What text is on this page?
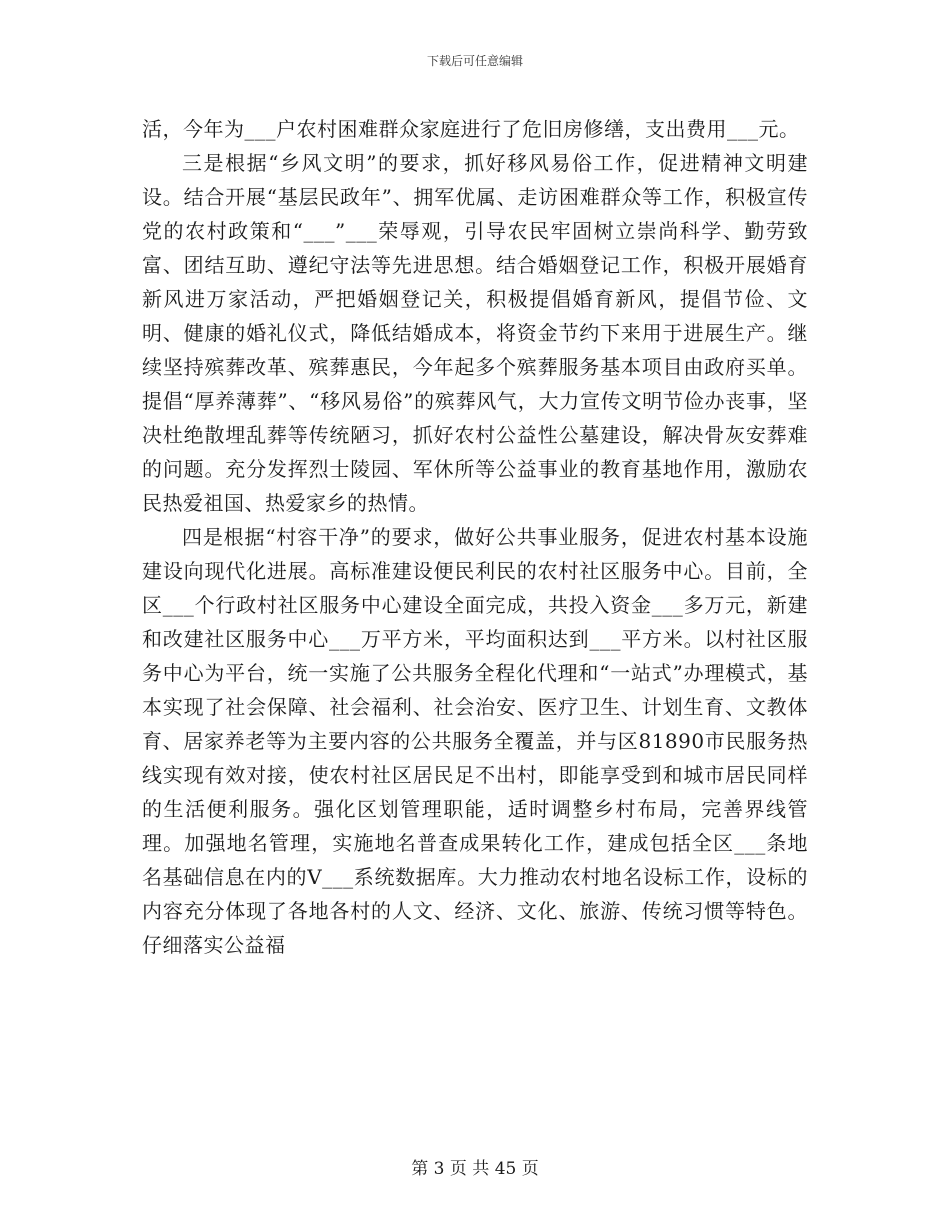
下载后可任意编辑

活，今年为___户农村困难群众家庭进行了危旧房修缮，支出费用___元。

三是根据“乡风文明”的要求，抓好移风易俗工作，促进精神文明建设。结合开展“基层民政年”、拥军优属、走访困难群众等工作，积极宣传党的农村政策和“___”___荣辱观，引导农民牢固树立崇尚科学、勤劳致富、团结互助、遵纪守法等先进思想。结合婚姻登记工作，积极开展婚育新风进万家活动，严把婚姻登记关，积极提倡婚育新风，提倡节俭、文明、健康的婚礼仪式，降低结婚成本，将资金节约下来用于进展生产。继续坚持殡葬改革、殡葬惠民，今年起多个殡葬服务基本项目由政府买单。提倡“厚养薄葬”、“移风易俗”的殡葬风气，大力宣传文明节俭办丧事，坚决杜绝散埋乱葬等传统陋习，抓好农村公益性公墓建设，解决骨灰安葬难的问题。充分发挥烈士陵园、军休所等公益事业的教育基地作用，激励农民热爱祖国、热爱家乡的热情。

四是根据“村容干净”的要求，做好公共事业服务，促进农村基本设施建设向现代化进展。高标准建设便民利民的农村社区服务中心。目前，全区___个行政村社区服务中心建设全面完成，共投入资金___多万元，新建和改建社区服务中心___万平方米，平均面积达到___平方米。以村社区服务中心为平台，统一实施了公共服务全程化代理和“一站式”办理模式，基本实现了社会保障、社会福利、社会治安、医疗卫生、计划生育、文教体育、居家养老等为主要内容的公共服务全覆盖，并与区81890市民服务热线实现有效对接，使农村社区居民足不出村，即能享受到和城市居民同样的生活便利服务。强化区划管理职能，适时调整乡村布局，完善界线管理。加强地名管理，实施地名普查成果转化工作，建成包括全区___条地名基础信息在内的V___系统数据库。大力推动农村地名设标工作，设标的内容充分体现了各地各村的人文、经济、文化、旅游、传统习惯等特色。仔细落实公益福

第 3 页 共 45 页
